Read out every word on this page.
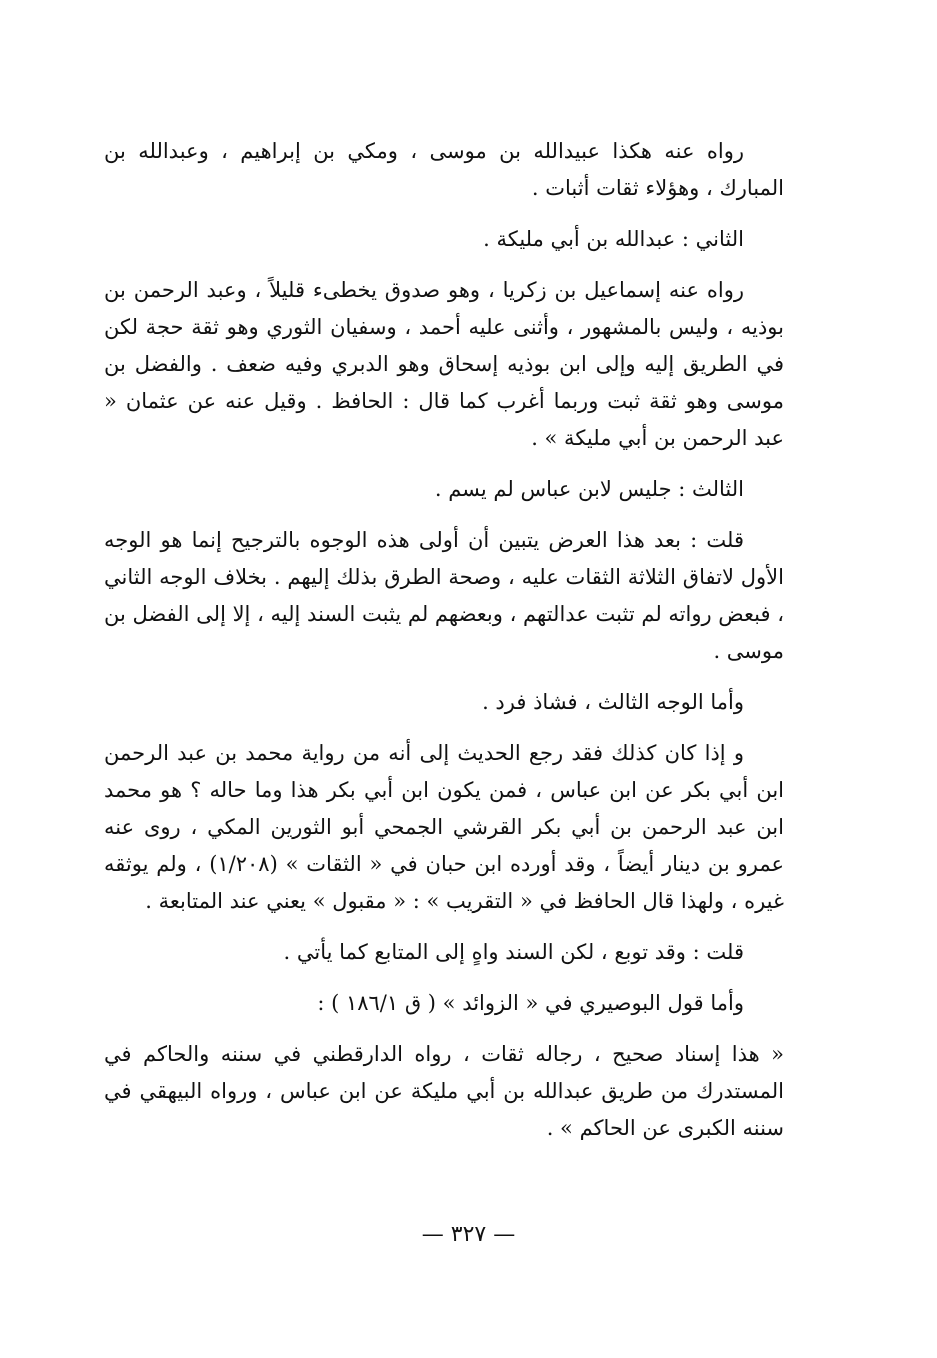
رواه عنه هكذا عبيدالله بن موسى ، ومكي بن إبراهيم ، وعبدالله بن المبارك ، وهؤلاء ثقات أثبات .

الثاني : عبدالله بن أبي مليكة .

رواه عنه إسماعيل بن زكريا ، وهو صدوق يخطىء قليلاً ، وعبد الرحمن بن بوذيه ، وليس بالمشهور ، وأثنى عليه أحمد ، وسفيان الثوري وهو ثقة حجة لكن في الطريق إليه وإلى ابن بوذيه إسحاق وهو الدبري وفيه ضعف . والفضل بن موسى وهو ثقة ثبت وربما أغرب كما قال : الحافظ . وقيل عنه عن عثمان « عبد الرحمن بن أبي مليكة » .

الثالث : جليس لابن عباس لم يسم .

قلت : بعد هذا العرض يتبين أن أولى هذه الوجوه بالترجيح إنما هو الوجه الأول لاتفاق الثلاثة الثقات عليه ، وصحة الطرق بذلك إليهم . بخلاف الوجه الثاني ، فبعض رواته لم تثبت عدالتهم ، وبعضهم لم يثبت السند إليه ، إلا إلى الفضل بن موسى .

وأما الوجه الثالث ، فشاذ فرد .

و إذا كان كذلك فقد رجع الحديث إلى أنه من رواية محمد بن عبد الرحمن ابن أبي بكر عن ابن عباس ، فمن يكون ابن أبي بكر هذا وما حاله ؟ هو محمد ابن عبد الرحمن بن أبي بكر القرشي الجمحي أبو الثورين المكي ، روى عنه عمرو بن دينار أيضاً ، وقد أورده ابن حبان في « الثقات » (١/٢٠٨) ، ولم يوثقه غيره ، ولهذا قال الحافظ في « التقريب » : « مقبول » يعني عند المتابعة .

قلت : وقد توبع ، لكن السند واهٍ إلى المتابع كما يأتي .

وأما قول البوصيري في « الزوائد » ( ق ١٨٦/١ ) :

« هذا إسناد صحيح ، رجاله ثقات ، رواه الدارقطني في سننه والحاكم في المستدرك من طريق عبدالله بن أبي مليكة عن ابن عباس ، ورواه البيهقي في سننه الكبرى عن الحاكم » .

— ٣٢٧ —
